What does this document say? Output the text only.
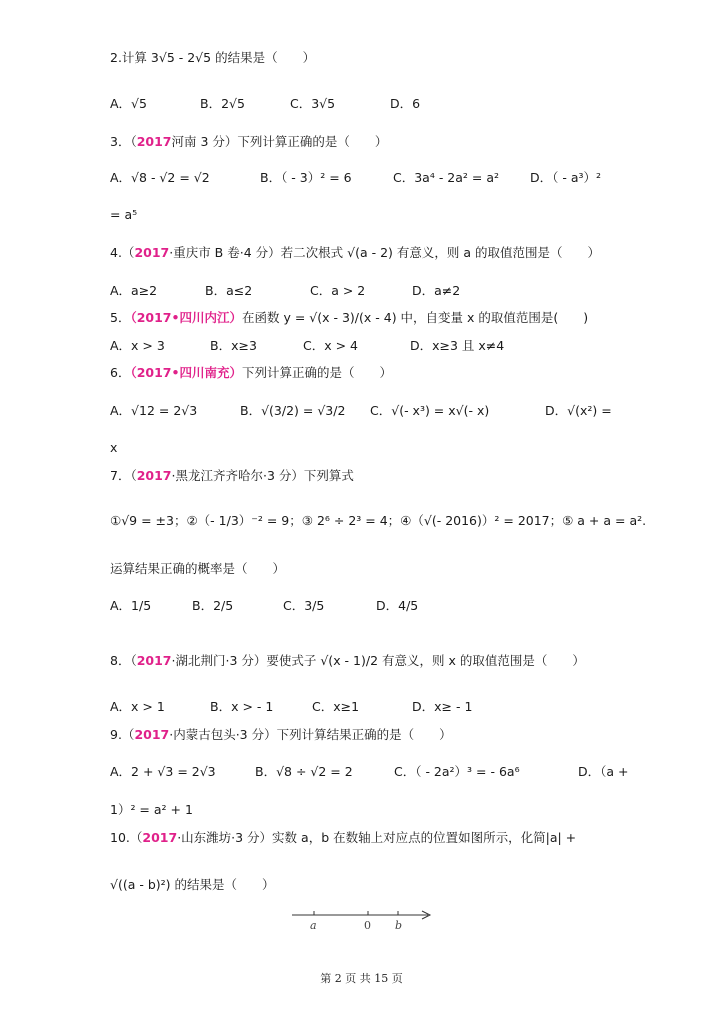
2.计算 3√5 - 2√5 的结果是（　　）
A．√5	B．2√5	C．3√5	D．6
3．（2017河南 3 分）下列计算正确的是（　　）
A．√8 - √2 = √2	B．（ - 3）² = 6	C．3a⁴ - 2a² = a² D．（ - a³）²
= a⁵
4.（2017·重庆市 B 卷·4 分）若二次根式 √(a - 2) 有意义，则 a 的取值范围是（　　）
A．a≥2	B．a≤2	C．a > 2	D．a≠2
5．（2017•四川内江）在函数 y = √(x - 3)/(x - 4) 中，自变量 x 的取值范围是(　　)
A．x > 3	B．x≥3	C．x > 4	D．x≥3 且 x≠4
6．（2017•四川南充）下列计算正确的是（　　）
A．√12 = 2√3	B．√(3/2) = √3/2 C．√(- x³) = x√(- x)	D．√(x²) =
x
7．（2017·黑龙江齐齐哈尔·3 分）下列算式
①√9 = ±3；②（- 1/3）⁻² = 9；③ 2⁶ ÷ 2³ = 4；④（√(- 2016)）² = 2017；⑤ a + a = a².
运算结果正确的概率是（　　）
A．1/5	B．2/5	C．3/5	D．4/5
8．（2017·湖北荆门·3 分）要使式子 √(x - 1)/2 有意义，则 x 的取值范围是（　　）
A．x > 1	B．x > - 1	C．x≥1	D．x≥ - 1
9.（2017·内蒙古包头·3 分）下列计算结果正确的是（　　）
A．2 + √3 = 2√3	B．√8 ÷ √2 = 2	C．（ - 2a²）³ = - 6a⁶	D．（a +
1）² = a² + 1
10.（2017·山东潍坊·3 分）实数 a，b 在数轴上对应点的位置如图所示，化简|a| +
√((a - b)²) 的结果是（　　）
a	0 b
第 2 页 共 15 页
